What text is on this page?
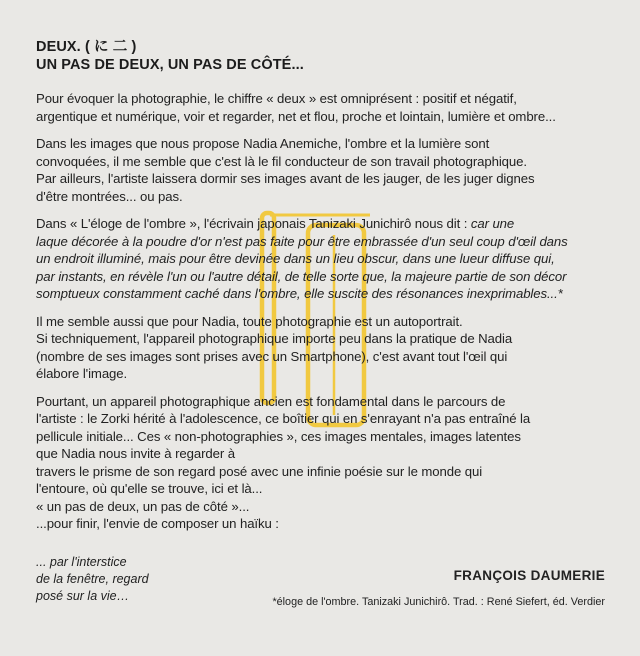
DEUX. ( に 二 )
UN PAS DE DEUX, UN PAS DE CÔTÉ...

Pour évoquer la photographie, le chiffre « deux » est omniprésent : positif et négatif,
argentique et numérique, voir et regarder, net et flou, proche et lointain, lumière et ombre...

Dans les images que nous propose Nadia Anemiche, l'ombre et la lumière sont
convoquées, il me semble que c'est là le fil conducteur de son travail photographique.
Par ailleurs, l'artiste laissera dormir ses images avant de les jauger, de les juger dignes
d'être montrées... ou pas.

Dans « L'éloge de l'ombre », l'écrivain japonais Tanizaki Junichirô nous dit : car une
laque décorée à la poudre d'or n'est pas faite pour être embrassée d'un seul coup d'œil dans
un endroit illuminé, mais pour être devinée dans un lieu obscur, dans une lueur diffuse qui,
par instants, en révèle l'un ou l'autre détail, de telle sorte que, la majeure partie de son décor
somptueux constamment caché dans l'ombre, elle suscite des résonances inexprimables...*

Il me semble aussi que pour Nadia, toute photographie est un autoportrait.
Si techniquement, l'appareil photographique importe peu dans la pratique de Nadia
(nombre de ses images sont prises avec un Smartphone), c'est avant tout l'œil qui
élabore l'image.

Pourtant, un appareil photographique ancien est fondamental dans le parcours de
l'artiste : le Zorki hérité à l'adolescence, ce boîtier qui en s'enrayant n'a pas entraîné la
pellicule initiale... Ces « non-photographies », ces images mentales, images latentes
que Nadia nous invite à regarder à
travers le prisme de son regard posé avec une infinie poésie sur le monde qui
l'entoure, où qu'elle se trouve, ici et là...
« un pas de deux, un pas de côté »...
...pour finir, l'envie de composer un haïku :

... par l'interstice
de la fenêtre, regard
posé sur la vie…
FRANÇOIS DAUMERIE
*éloge de l'ombre. Tanizaki Junichirô. Trad. : René Siefert, éd. Verdier
